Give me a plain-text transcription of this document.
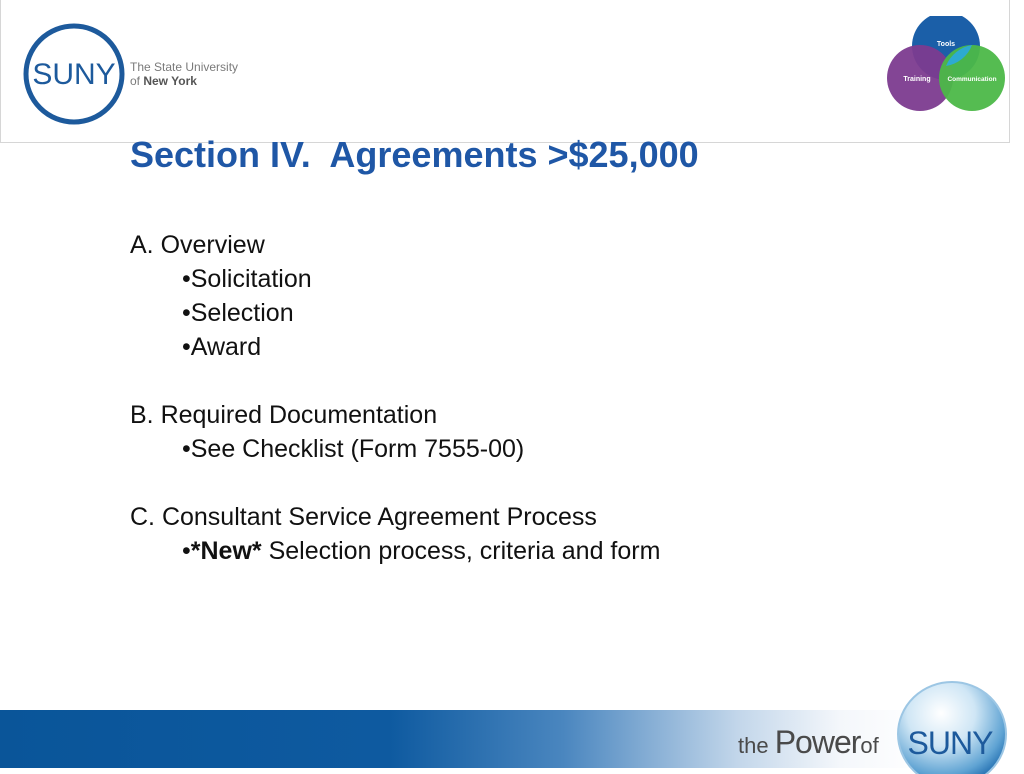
SUNY The State University
of New York
Tools
Training	Communication
Section IV.  Agreements >$25,000
A. Overview
•Solicitation
•Selection
•Award
B. Required Documentation
•See Checklist (Form 7555-00)
C. Consultant Service Agreement Process
•*New* Selection process, criteria and form
the Powerof SUNY
